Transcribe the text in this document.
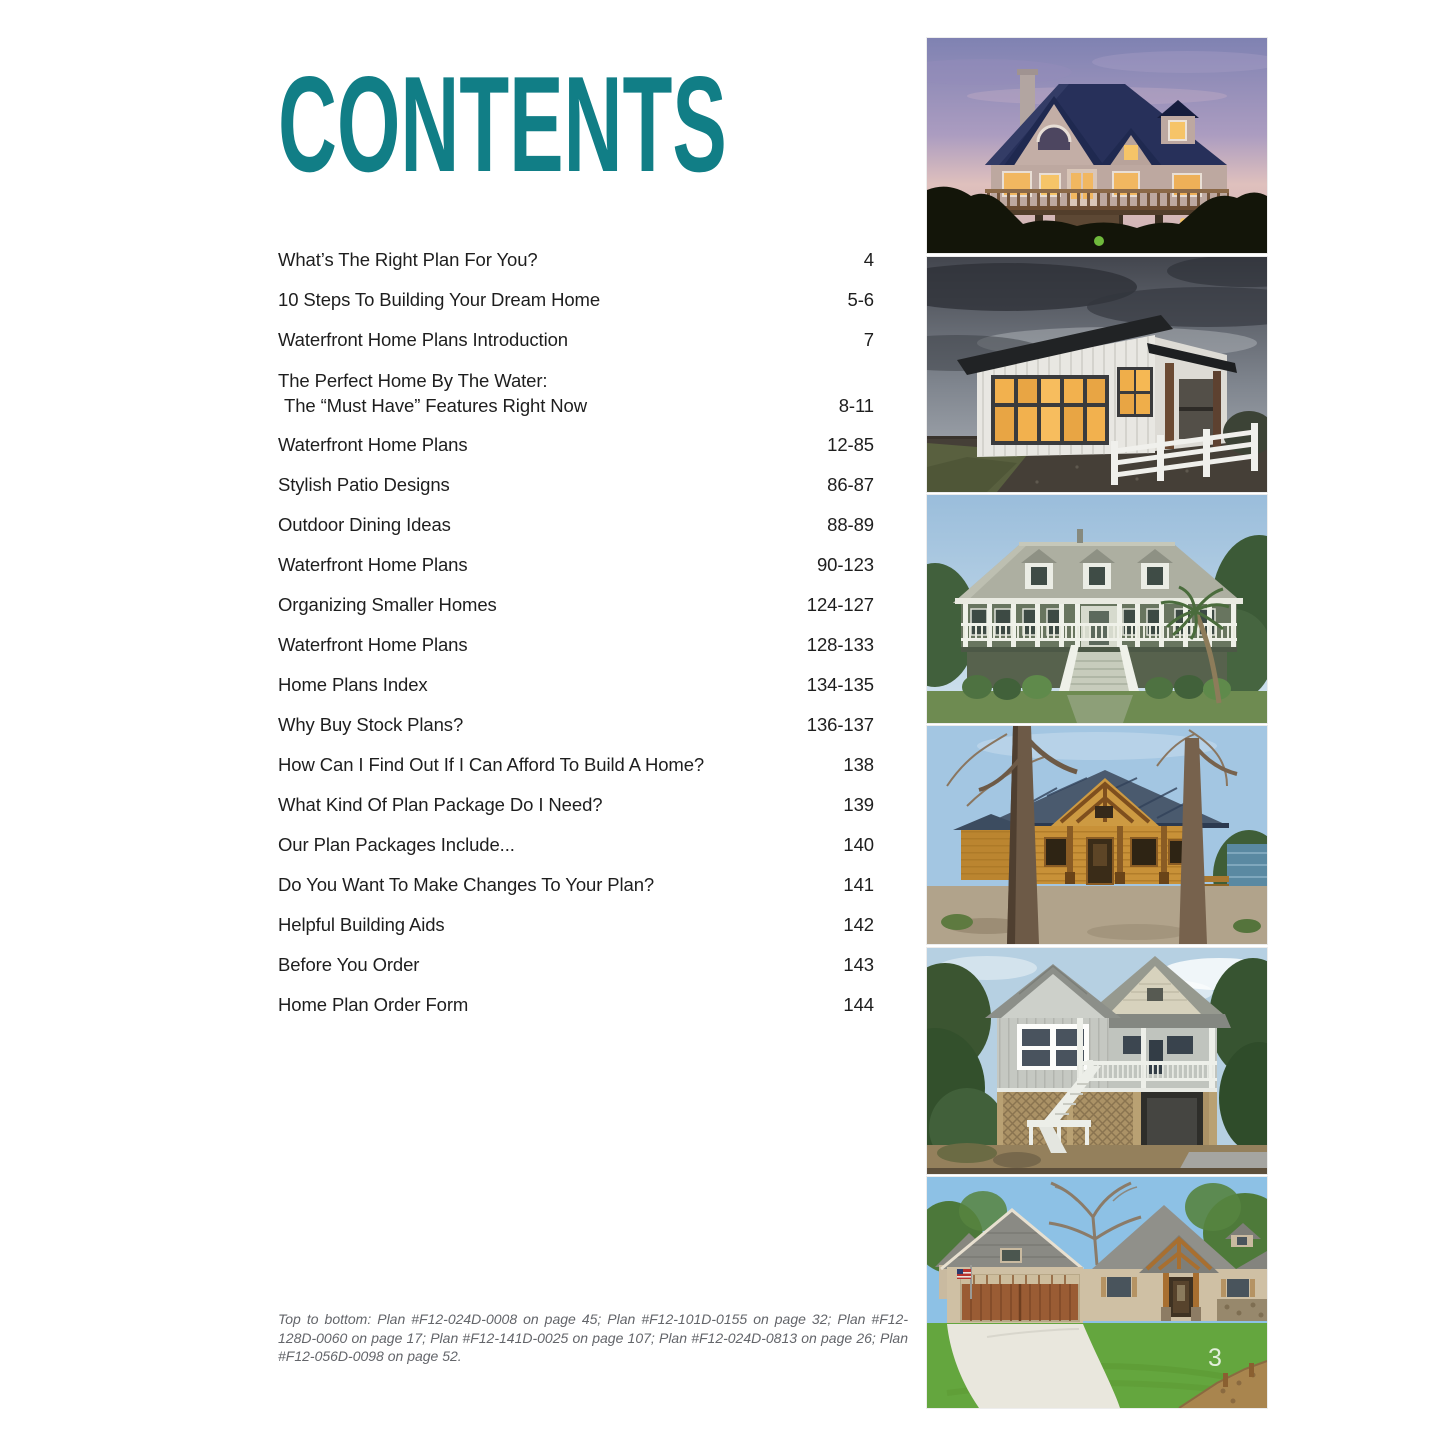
CONTENTS
What’s The Right Plan For You?	4
10 Steps To Building Your Dream Home	5-6
Waterfront Home Plans Introduction	7
The Perfect Home By The Water:
The “Must Have” Features Right Now	8-11
Waterfront Home Plans	12-85
Stylish Patio Designs	86-87
Outdoor Dining Ideas	88-89
Waterfront Home Plans	90-123
Organizing Smaller Homes	124-127
Waterfront Home Plans	128-133
Home Plans Index	134-135
Why Buy Stock Plans?	136-137
How Can I Find Out If I Can Afford To Build A Home?	138
What Kind Of Plan Package Do I Need?	139
Our Plan Packages Include...	140
Do You Want To Make Changes To Your Plan?	141
Helpful Building Aids	142
Before You Order	143
Home Plan Order Form	144

Top to bottom: Plan #F12-024D-0008 on page 45; Plan #F12-101D-0155 on page 32; Plan #F12-128D-0060 on page 17; Plan #F12-141D-0025 on page 107; Plan #F12-024D-0813 on page 26; Plan #F12-056D-0098 on page 52.	3
